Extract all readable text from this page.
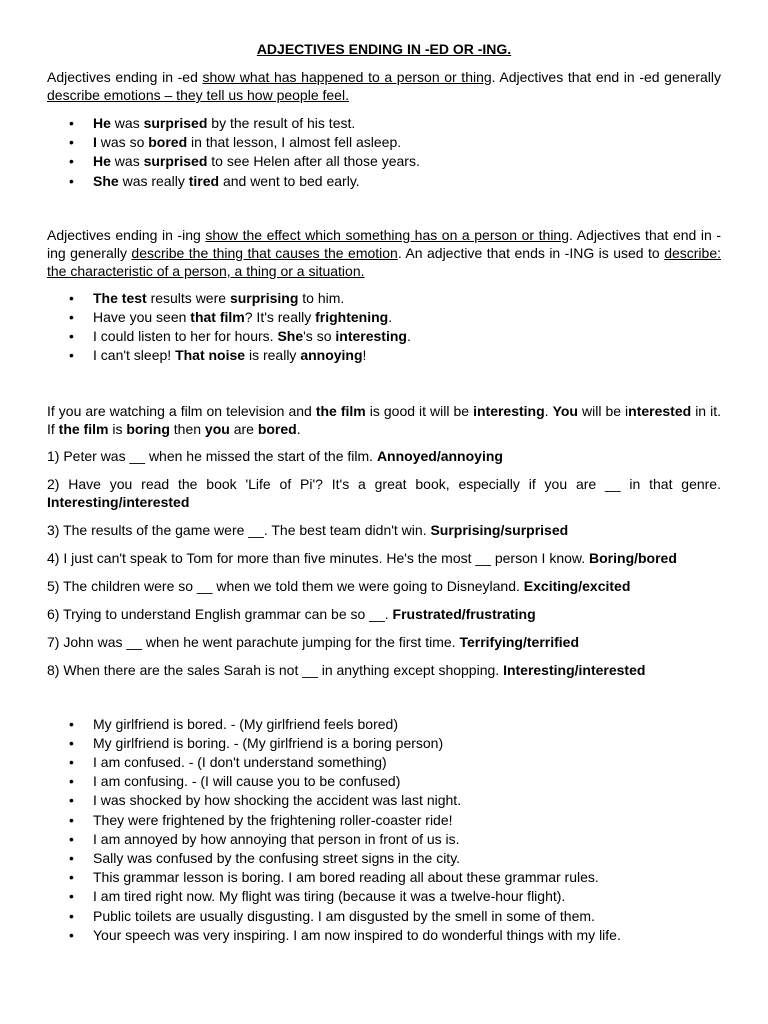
ADJECTIVES ENDING IN -ED OR -ING.

Adjectives ending in -ed show what has happened to a person or thing. Adjectives that end in -ed generally describe emotions – they tell us how people feel.

• He was surprised by the result of his test.
• I was so bored in that lesson, I almost fell asleep.
• He was surprised to see Helen after all those years.
• She was really tired and went to bed early.

Adjectives ending in -ing show the effect which something has on a person or thing. Adjectives that end in -ing generally describe the thing that causes the emotion. An adjective that ends in -ING is used to describe: the characteristic of a person, a thing or a situation.

• The test results were surprising to him.
• Have you seen that film? It's really frightening.
• I could listen to her for hours. She's so interesting.
• I can't sleep! That noise is really annoying!

If you are watching a film on television and the film is good it will be interesting. You will be interested in it. If the film is boring then you are bored.

1) Peter was __ when he missed the start of the film. Annoyed/annoying

2) Have you read the book 'Life of Pi'? It's a great book, especially if you are __ in that genre. Interesting/interested

3) The results of the game were __. The best team didn't win. Surprising/surprised

4) I just can't speak to Tom for more than five minutes. He's the most __ person I know. Boring/bored

5) The children were so __ when we told them we were going to Disneyland. Exciting/excited

6) Trying to understand English grammar can be so __. Frustrated/frustrating

7) John was __ when he went parachute jumping for the first time. Terrifying/terrified

8) When there are the sales Sarah is not __ in anything except shopping. Interesting/interested

• My girlfriend is bored. - (My girlfriend feels bored)
• My girlfriend is boring. - (My girlfriend is a boring person)
• I am confused. - (I don't understand something)
• I am confusing. - (I will cause you to be confused)
• I was shocked by how shocking the accident was last night.
• They were frightened by the frightening roller-coaster ride!
• I am annoyed by how annoying that person in front of us is.
• Sally was confused by the confusing street signs in the city.
• This grammar lesson is boring. I am bored reading all about these grammar rules.
• I am tired right now. My flight was tiring (because it was a twelve-hour flight).
• Public toilets are usually disgusting. I am disgusted by the smell in some of them.
• Your speech was very inspiring. I am now inspired to do wonderful things with my life.
